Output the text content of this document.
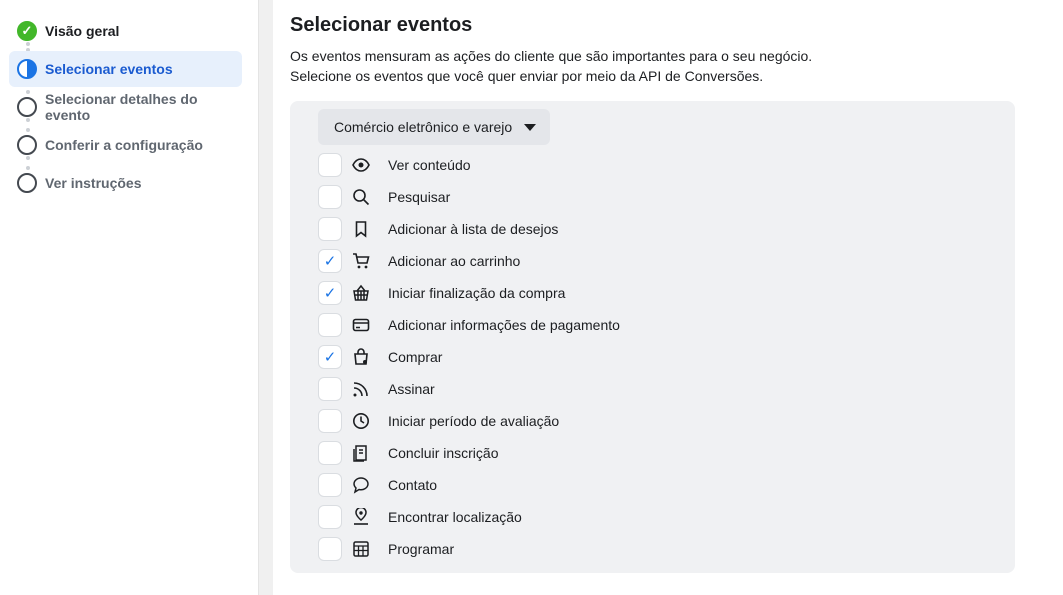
✓ Visão geral
Selecionar eventos
Selecionar detalhes do evento
Conferir a configuração
Ver instruções
Selecionar eventos
Os eventos mensuram as ações do cliente que são importantes para o seu negócio.
Selecione os eventos que você quer enviar por meio da API de Conversões.
Comércio eletrônico e varejo
Ver conteúdo
Pesquisar
Adicionar à lista de desejos
✓	Adicionar ao carrinho
✓	Iniciar finalização da compra
Adicionar informações de pagamento
✓	Comprar
Assinar
Iniciar período de avaliação
Concluir inscrição
Contato
Encontrar localização
Programar
